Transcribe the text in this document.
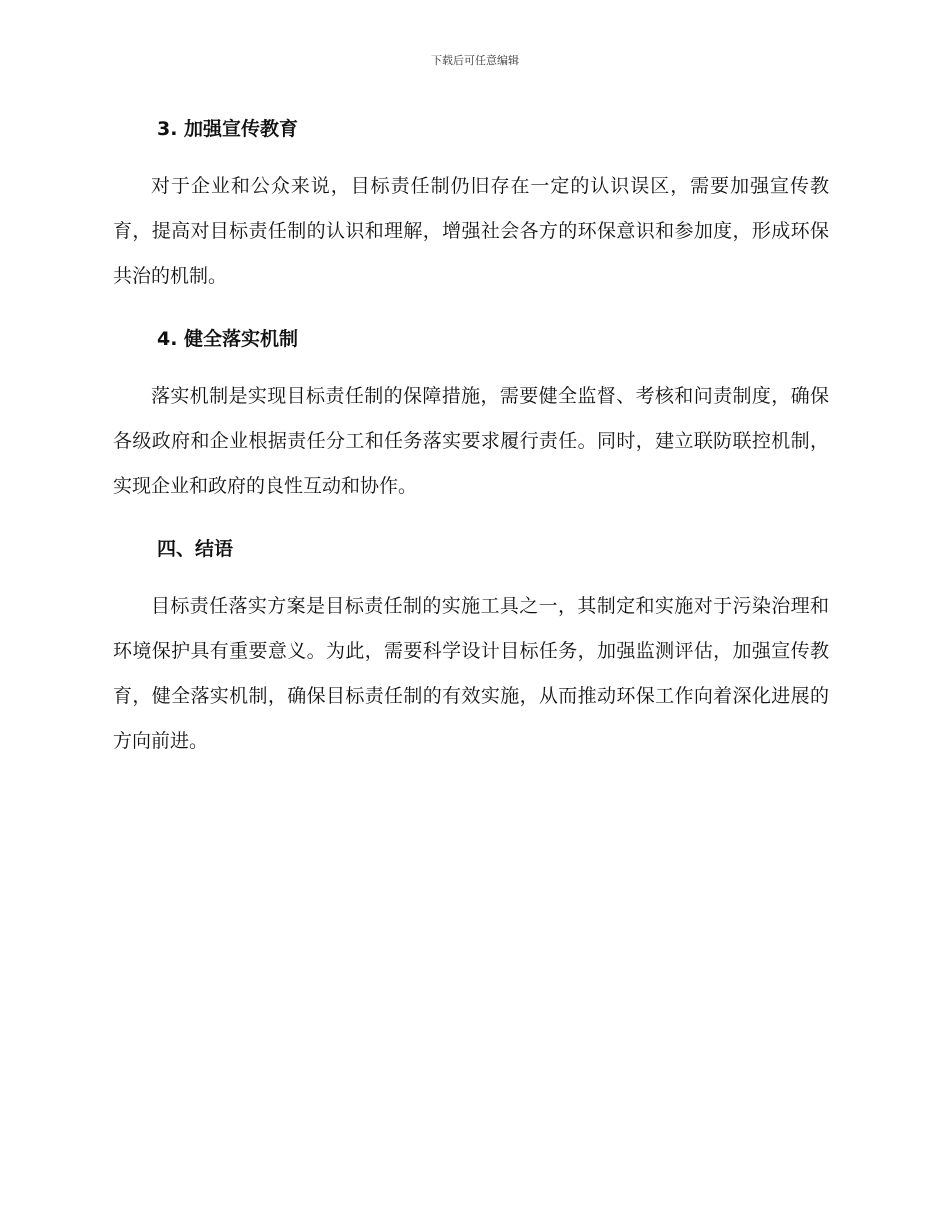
下载后可任意编辑
3. 加强宣传教育

对于企业和公众来说，目标责任制仍旧存在一定的认识误区，需要加强宣传教育，提高对目标责任制的认识和理解，增强社会各方的环保意识和参加度，形成环保共治的机制。

4. 健全落实机制

落实机制是实现目标责任制的保障措施，需要健全监督、考核和问责制度，确保各级政府和企业根据责任分工和任务落实要求履行责任。同时，建立联防联控机制，实现企业和政府的良性互动和协作。

四、结语

目标责任落实方案是目标责任制的实施工具之一，其制定和实施对于污染治理和环境保护具有重要意义。为此，需要科学设计目标任务，加强监测评估，加强宣传教育，健全落实机制，确保目标责任制的有效实施，从而推动环保工作向着深化进展的方向前进。
